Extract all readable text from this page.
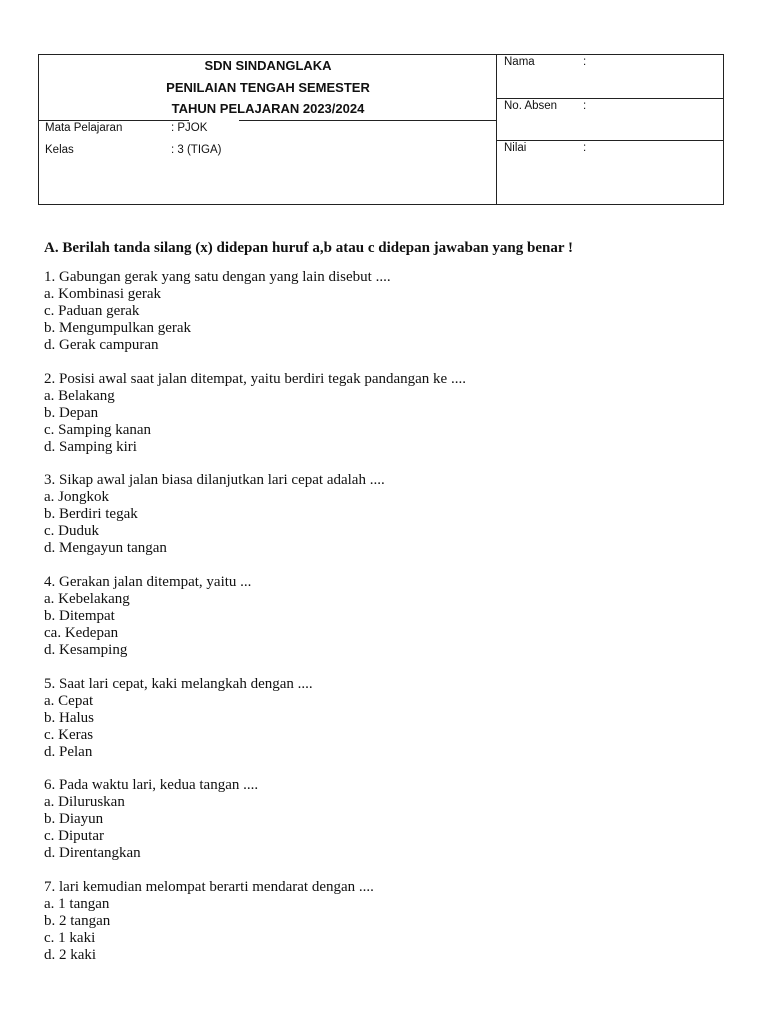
SDN SINDANGLAKA
PENILAIAN TENGAH SEMESTER
TAHUN PELAJARAN 2023/2024
Mata Pelajaran	: PJOK
Kelas	: 3 (TIGA)
Nama	:
No. Absen :
Nilai	:
A. Berilah tanda silang (x) didepan huruf a,b atau c didepan jawaban yang benar !
1. Gabungan gerak yang satu dengan yang lain disebut ....
a. Kombinasi gerak
c. Paduan gerak
b. Mengumpulkan gerak
d. Gerak campuran
2. Posisi awal saat jalan ditempat, yaitu berdiri tegak pandangan ke ....
a. Belakang
b. Depan
c. Samping kanan
d. Samping kiri
3. Sikap awal jalan biasa dilanjutkan lari cepat adalah ....
a. Jongkok
b. Berdiri tegak
c. Duduk
d. Mengayun tangan
4. Gerakan jalan ditempat, yaitu ...
a. Kebelakang
b. Ditempat
ca. Kedepan
d. Kesamping
5. Saat lari cepat, kaki melangkah dengan ....
a. Cepat
b. Halus
c. Keras
d. Pelan
6. Pada waktu lari, kedua tangan ....
a. Diluruskan
b. Diayun
c. Diputar
d. Direntangkan
7. lari kemudian melompat berarti mendarat dengan ....
a. 1 tangan
b. 2 tangan
c. 1 kaki
d. 2 kaki
